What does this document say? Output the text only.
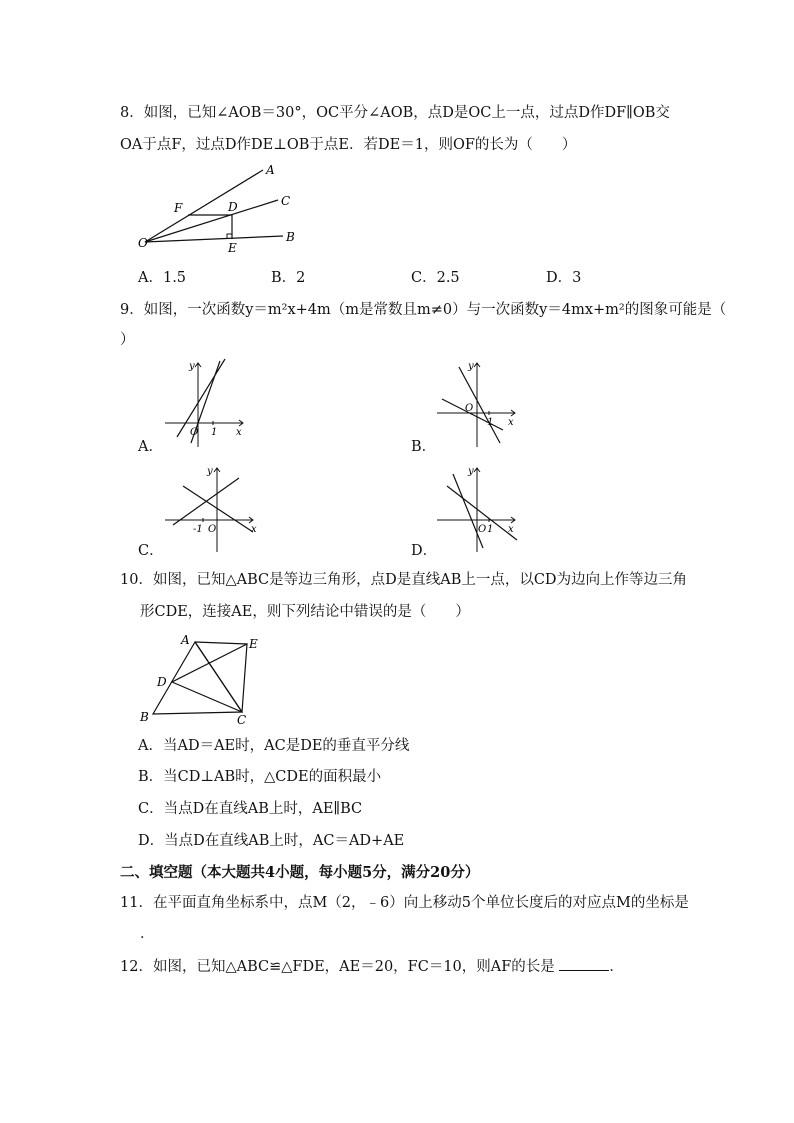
8．如图，已知∠AOB＝30°，OC平分∠AOB，点D是OC上一点，过点D作DF∥OB交
OA于点F，过点D作DE⊥OB于点E．若DE＝1，则OF的长为（　　）
A
C
B
F	D
O	E
A．1.5	B．2	C．2.5	D．3
9．如图，一次函数y＝m²x+4m（m是常数且m≠0）与一次函数y＝4mx+m²的图象可能是（
）
y
O 1 x
A．
y
O
1 x
B．
y
-1 O	x
C．
y
O 1 x
D．
10．如图，已知△ABC是等边三角形，点D是直线AB上一点，以CD为边向上作等边三角
形CDE，连接AE，则下列结论中错误的是（　　）
A	E
D
B	C
A．当AD＝AE时，AC是DE的垂直平分线
B．当CD⊥AB时，△CDE的面积最小
C．当点D在直线AB上时，AE∥BC
D．当点D在直线AB上时，AC＝AD+AE
二、填空题（本大题共4小题，每小题5分，满分20分）
11．在平面直角坐标系中，点M（2，﹣6）向上移动5个单位长度后的对应点M的坐标是
．
12．如图，已知△ABC≌△FDE，AE＝20，FC＝10，则AF的长是	．
